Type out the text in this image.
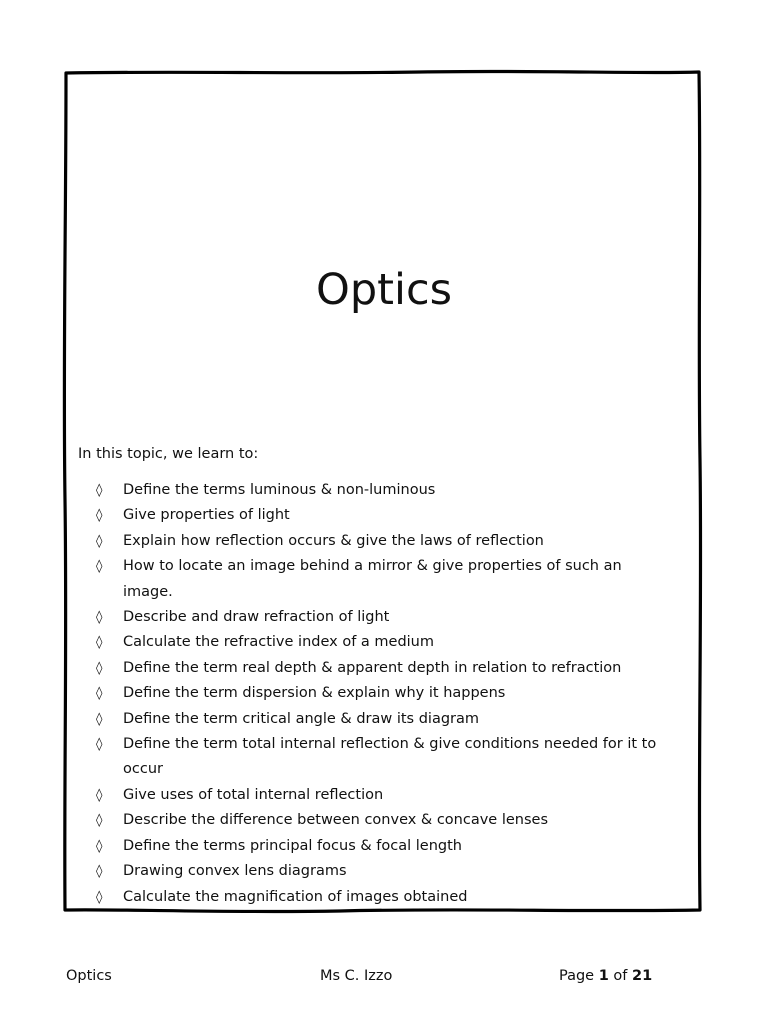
Optics

In this topic, we learn to:

◊ Define the terms luminous & non-luminous
◊ Give properties of light
◊ Explain how reflection occurs & give the laws of reflection
◊ How to locate an image behind a mirror & give properties of such an image.
◊ Describe and draw refraction of light
◊ Calculate the refractive index of a medium
◊ Define the term real depth & apparent depth in relation to refraction
◊ Define the term dispersion & explain why it happens
◊ Define the term critical angle & draw its diagram
◊ Define the term total internal reflection & give conditions needed for it to occur
◊ Give uses of total internal reflection
◊ Describe the difference between convex & concave lenses
◊ Define the terms principal focus & focal length
◊ Drawing convex lens diagrams
◊ Calculate the magnification of images obtained
Optics	Ms C. Izzo	Page 1 of 21
